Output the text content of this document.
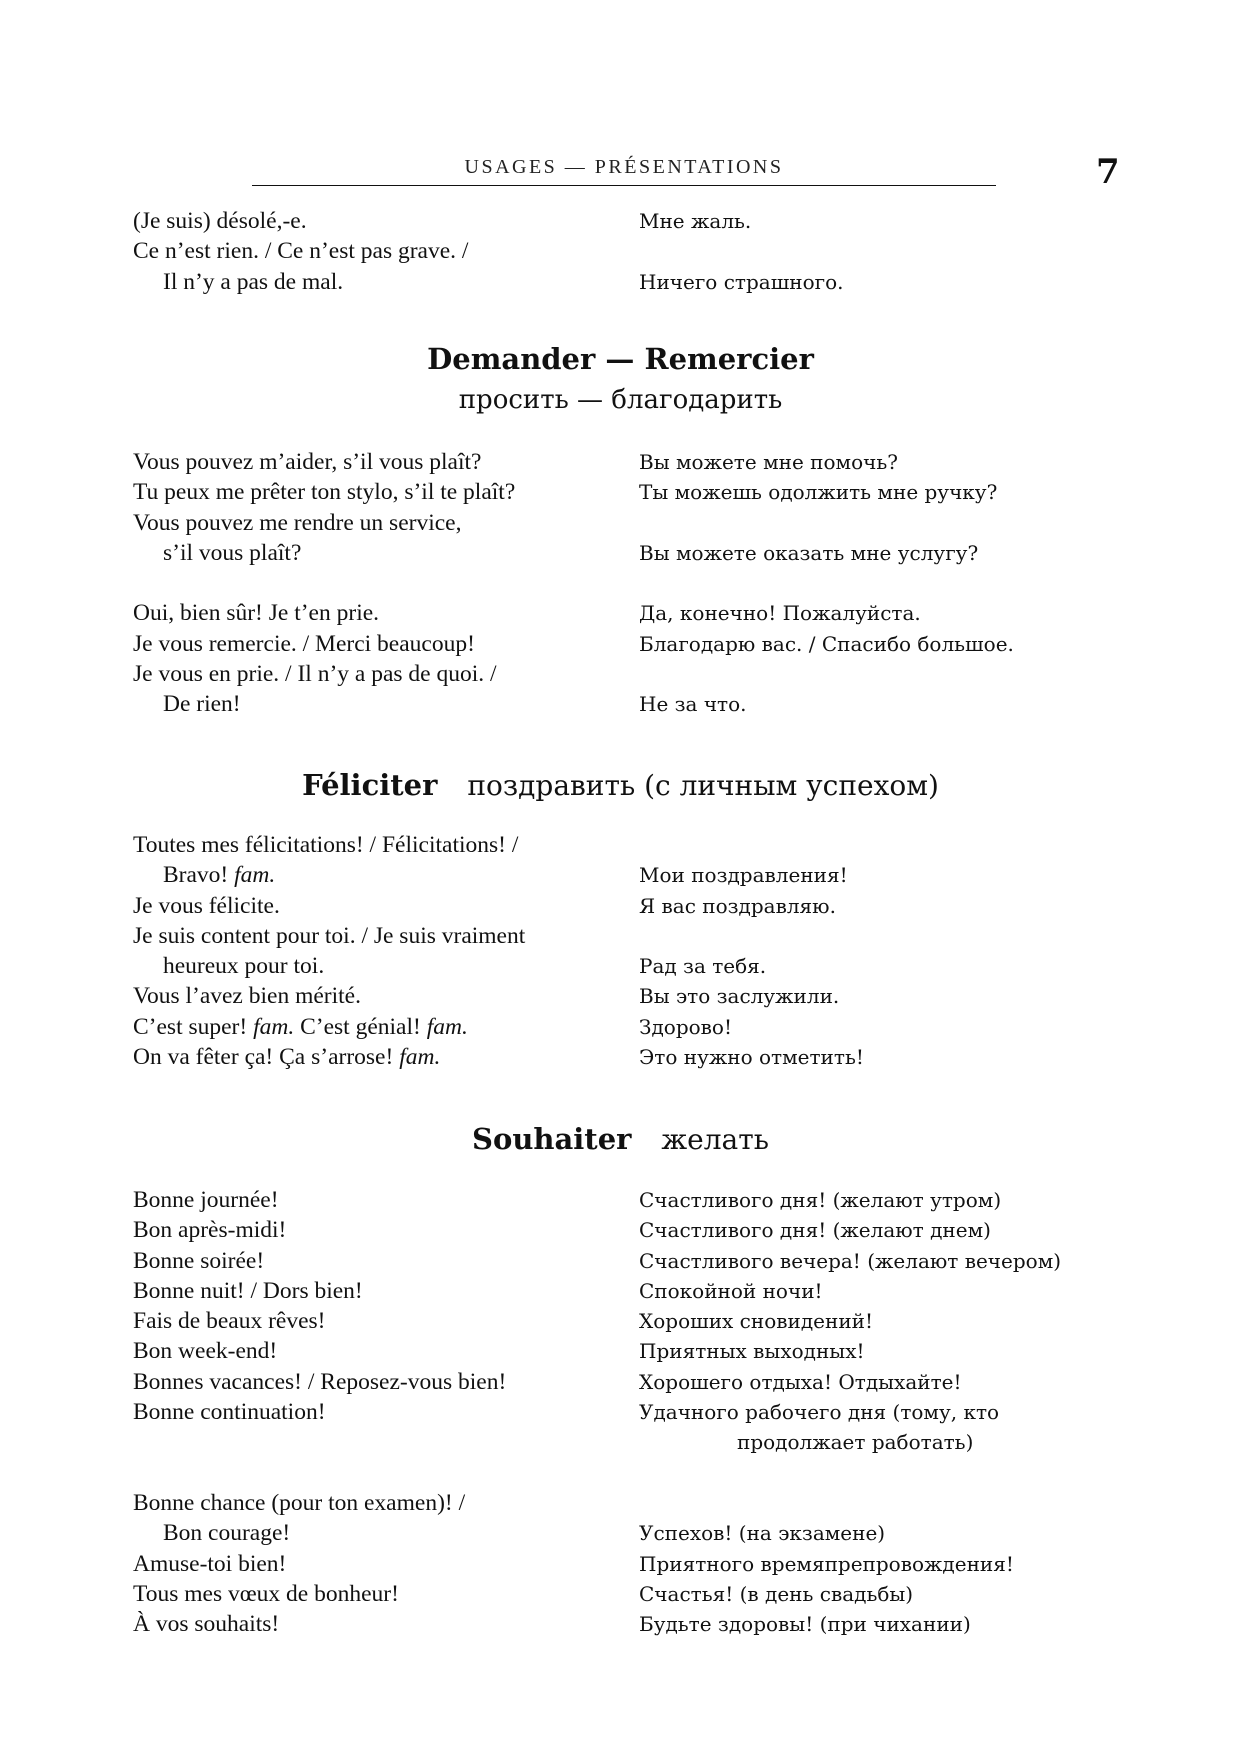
USAGES — PRÉSENTATIONS	7
(Je suis) désolé,-e.	Мне жаль.
Ce n’est rien. / Ce n’est pas grave. /
Il n’y a pas de mal.	Ничего страшного.
Demander — Remercier
просить — благодарить
Vous pouvez m’aider, s’il vous plaît?	Вы можете мне помочь?
Tu peux me prêter ton stylo, s’il te plaît?	Ты можешь одолжить мне ручку?
Vous pouvez me rendre un service,
s’il vous plaît?	Вы можете оказать мне услугу?
Oui, bien sûr! Je t’en prie.	Да, конечно! Пожалуйста.
Je vous remercie. / Merci beaucoup!	Благодарю вас. / Спасибо большое.
Je vous en prie. / Il n’y a pas de quoi. /
De rien!	Не за что.
Féliciter поздравить (с личным успехом)
Toutes mes félicitations! / Félicitations! /
Bravo! fam.	Мои поздравления!
Je vous félicite.	Я вас поздравляю.
Je suis content pour toi. / Je suis vraiment
heureux pour toi.	Рад за тебя.
Vous l’avez bien mérité.	Вы это заслужили.
C’est super! fam. C’est génial! fam.	Здорово!
On va fêter ça! Ça s’arrose! fam.	Это нужно отметить!
Souhaiter желать
Bonne journée!	Счастливого дня! (желают утром)
Bon après-midi!	Счастливого дня! (желают днем)
Bonne soirée!	Счастливого вечера! (желают вечером)
Bonne nuit! / Dors bien!	Спокойной ночи!
Fais de beaux rêves!	Хороших сновидений!
Bon week-end!	Приятных выходных!
Bonnes vacances! / Reposez-vous bien!	Хорошего отдыха! Отдыхайте!
Bonne continuation!	Удачного рабочего дня (тому, кто
продолжает работать)
Bonne chance (pour ton examen)! /
Bon courage!	Успехов! (на экзамене)
Amuse-toi bien!	Приятного времяпрепровождения!
Tous mes vœux de bonheur!	Счастья! (в день свадьбы)
À vos souhaits!	Будьте здоровы! (при чихании)
